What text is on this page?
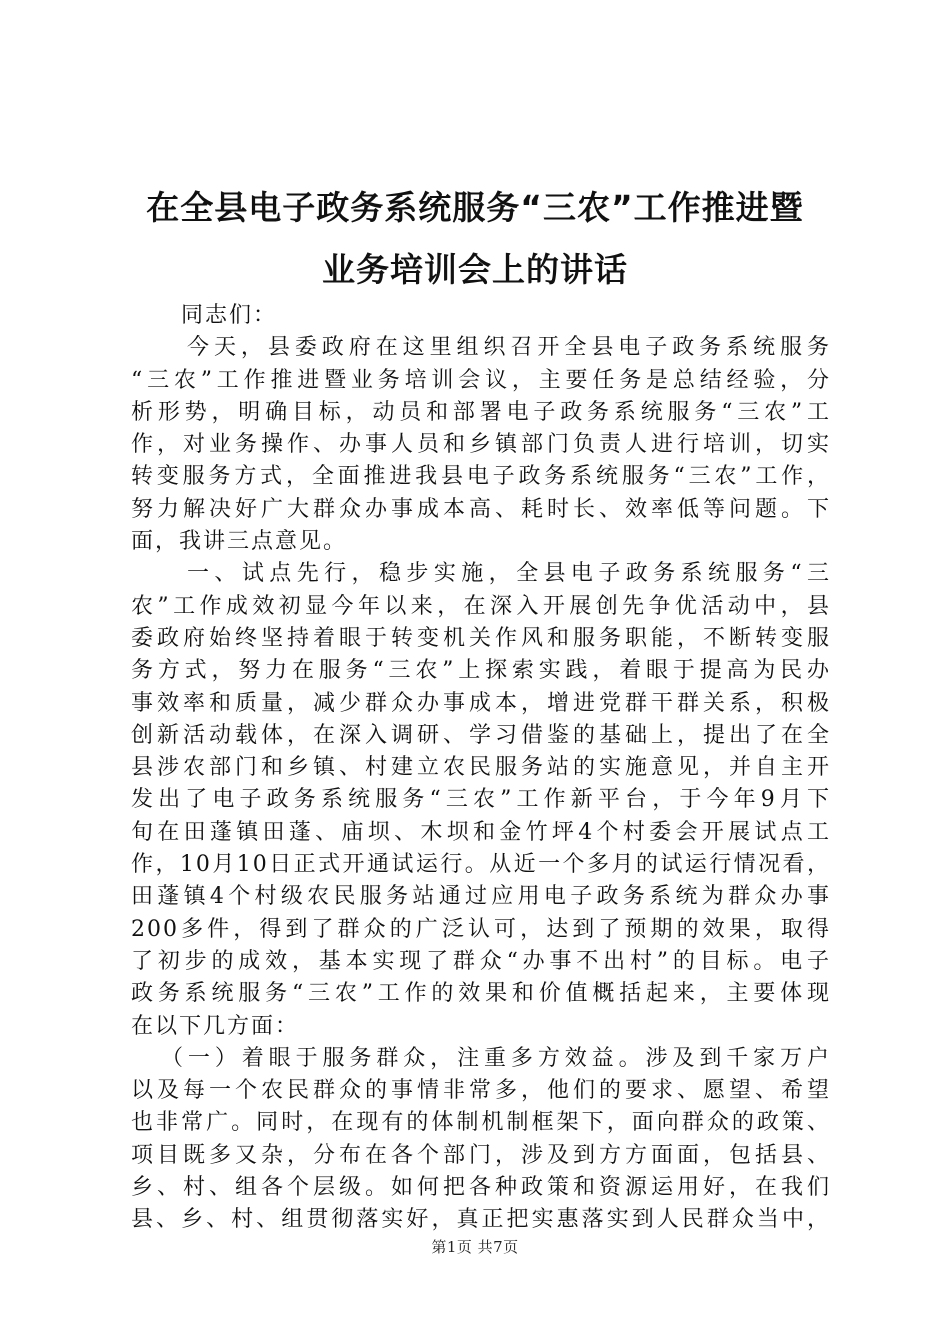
在全县电子政务系统服务“三农”工作推进暨
业务培训会上的讲话
同志们：
今天，县委政府在这里组织召开全县电子政务系统服务
“三农”工作推进暨业务培训会议，主要任务是总结经验，分
析形势，明确目标，动员和部署电子政务系统服务“三农”工
作，对业务操作、办事人员和乡镇部门负责人进行培训，切实
转变服务方式，全面推进我县电子政务系统服务“三农”工作，
努力解决好广大群众办事成本高、耗时长、效率低等问题。下
面，我讲三点意见。
一、试点先行，稳步实施，全县电子政务系统服务“三
农”工作成效初显今年以来，在深入开展创先争优活动中，县
委政府始终坚持着眼于转变机关作风和服务职能，不断转变服
务方式，努力在服务“三农”上探索实践，着眼于提高为民办
事效率和质量，减少群众办事成本，增进党群干群关系，积极
创新活动载体，在深入调研、学习借鉴的基础上，提出了在全
县涉农部门和乡镇、村建立农民服务站的实施意见，并自主开
发出了电子政务系统服务“三农”工作新平台，于今年9月下
旬在田蓬镇田蓬、庙坝、木坝和金竹坪4个村委会开展试点工
作，10月10日正式开通试运行。从近一个多月的试运行情况看，
田蓬镇4个村级农民服务站通过应用电子政务系统为群众办事
200多件，得到了群众的广泛认可，达到了预期的效果，取得
了初步的成效，基本实现了群众“办事不出村”的目标。电子
政务系统服务“三农”工作的效果和价值概括起来，主要体现
在以下几方面：
（一）着眼于服务群众，注重多方效益。涉及到千家万户
以及每一个农民群众的事情非常多，他们的要求、愿望、希望
也非常广。同时，在现有的体制机制框架下，面向群众的政策、
项目既多又杂，分布在各个部门，涉及到方方面面，包括县、
乡、村、组各个层级。如何把各种政策和资源运用好，在我们
县、乡、村、组贯彻落实好，真正把实惠落实到人民群众当中，
第1页 共7页
